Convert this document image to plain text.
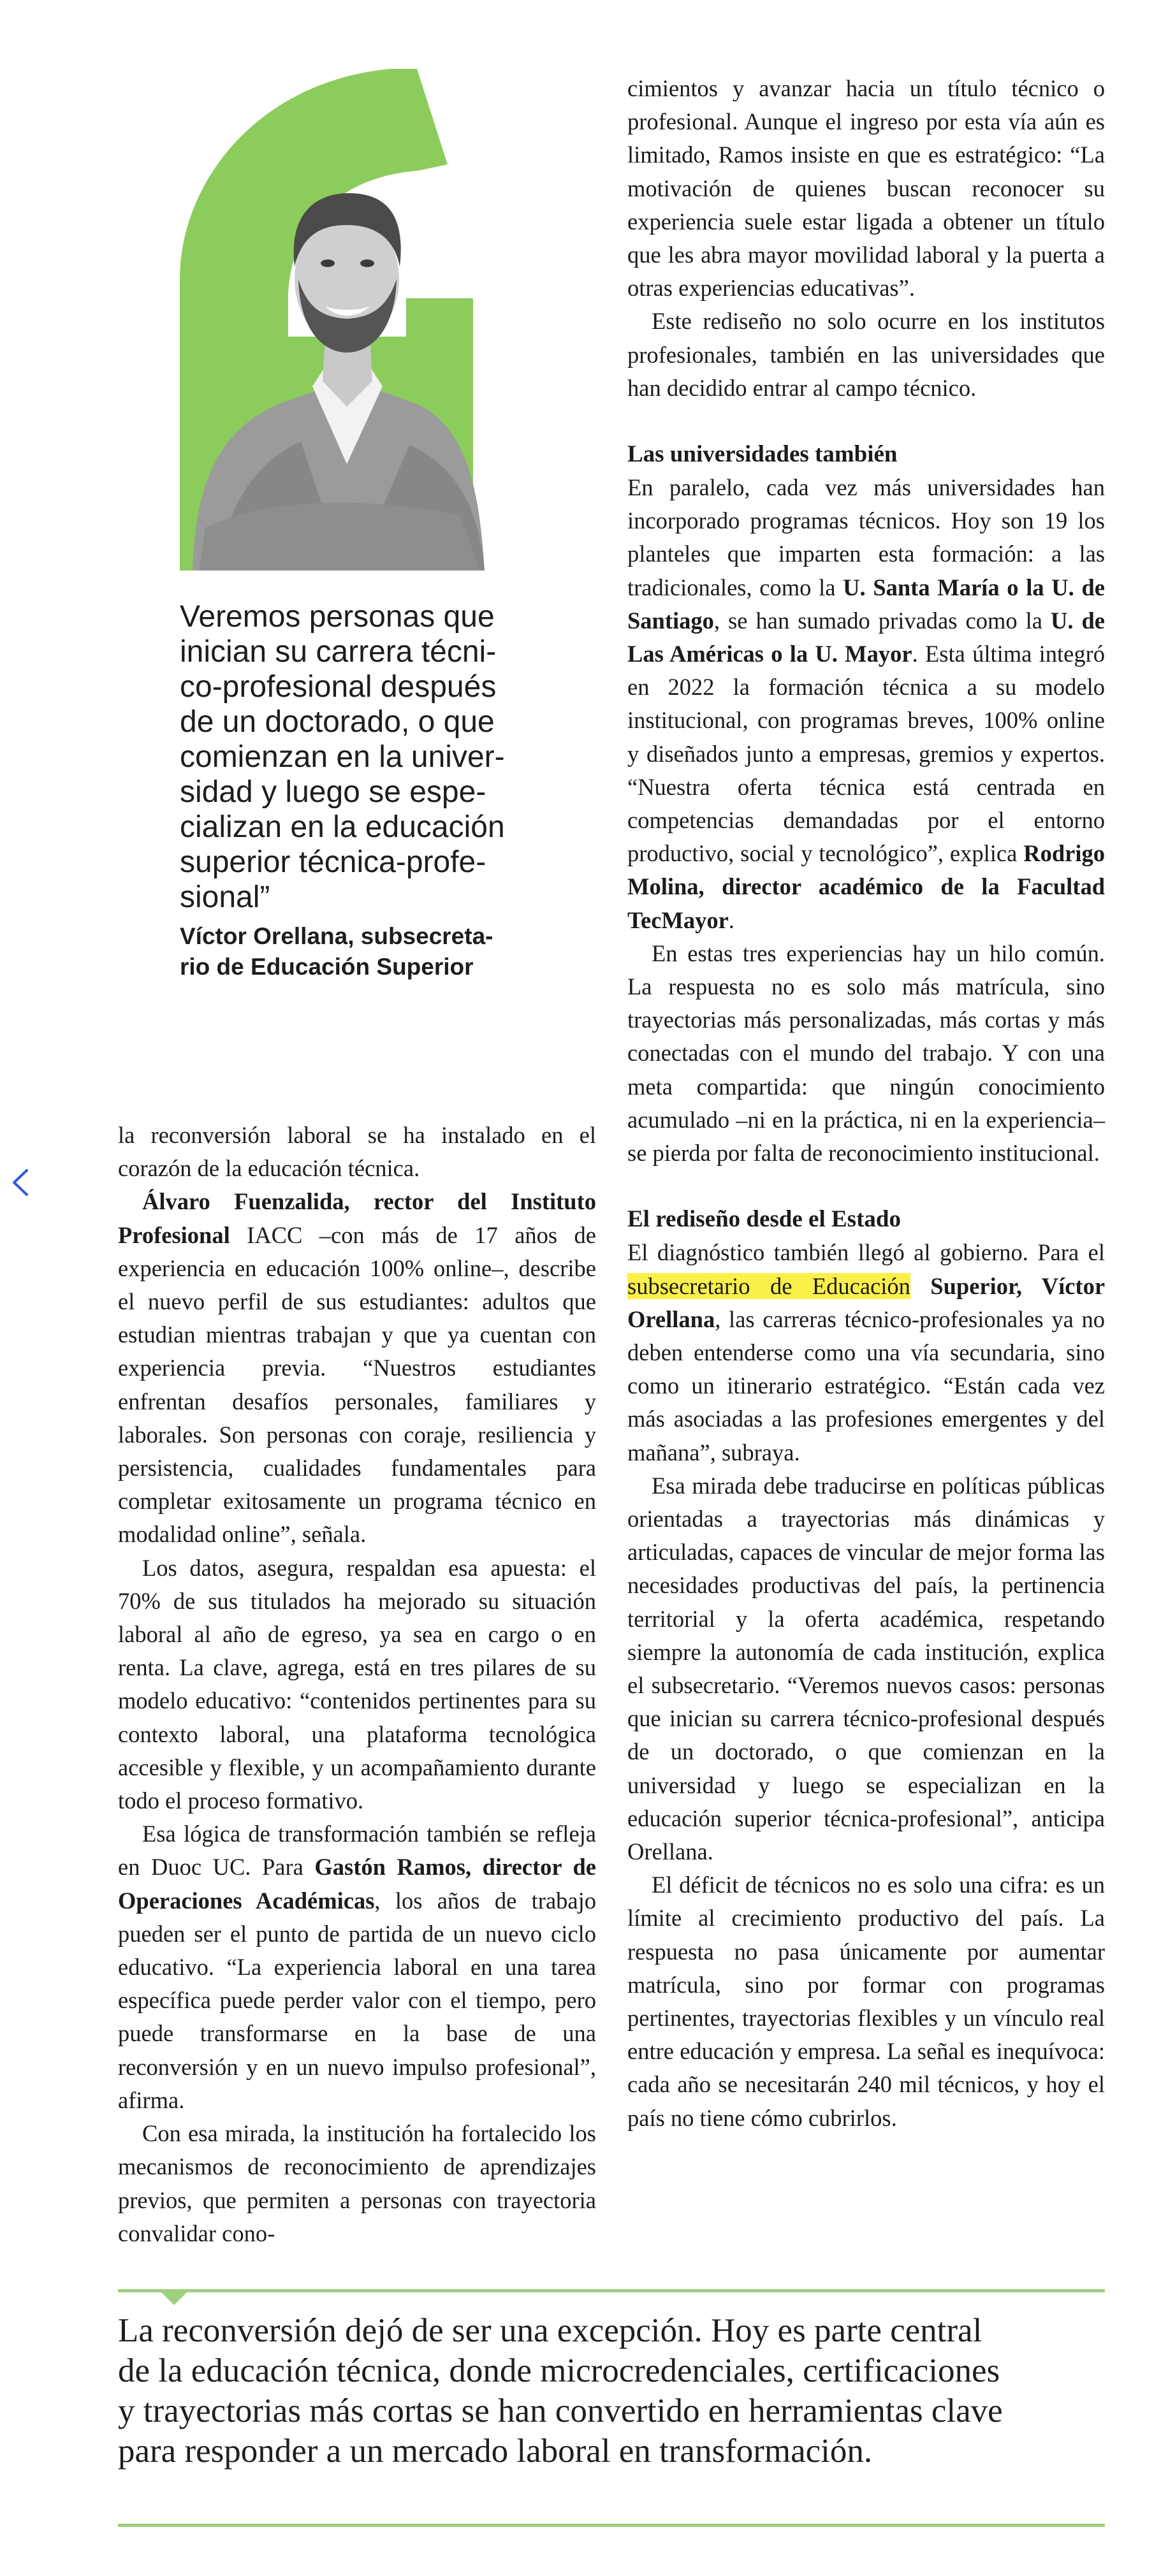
Veremos personas que
inician su carrera técni-
co-profesional después
de un doctorado, o que
comienzan en la univer-
sidad y luego se espe-
cializan en la educación
superior técnica-profe-
sional”

Víctor Orellana, subsecreta-
rio de Educación Superior

la reconversión laboral se ha instalado en el corazón de la educación técnica.

Álvaro Fuenzalida, rector del Instituto Profesional IACC –con más de 17 años de experiencia en educación 100% online–, describe el nuevo perfil de sus estudiantes: adultos que estudian mientras trabajan y que ya cuentan con experiencia previa. “Nuestros estudiantes enfrentan desafíos personales, familiares y laborales. Son personas con coraje, resiliencia y persistencia, cualidades fundamentales para completar exitosamente un programa técnico en modalidad online”, señala.

Los datos, asegura, respaldan esa apuesta: el 70% de sus titulados ha mejorado su situación laboral al año de egreso, ya sea en cargo o en renta. La clave, agrega, está en tres pilares de su modelo educativo: “contenidos pertinentes para su contexto laboral, una plataforma tecnológica accesible y flexible, y un acompañamiento durante todo el proceso formativo.

Esa lógica de transformación también se refleja en Duoc UC. Para Gastón Ramos, director de Operaciones Académicas, los años de trabajo pueden ser el punto de partida de un nuevo ciclo educativo. “La experiencia laboral en una tarea específica puede perder valor con el tiempo, pero puede transformarse en la base de una reconversión y en un nuevo impulso profesional”, afirma.

Con esa mirada, la institución ha fortalecido los mecanismos de reconocimiento de aprendizajes previos, que permiten a personas con trayectoria convalidar cono-

cimientos y avanzar hacia un título técnico o profesional. Aunque el ingreso por esta vía aún es limitado, Ramos insiste en que es estratégico: “La motivación de quienes buscan reconocer su experiencia suele estar ligada a obtener un título que les abra mayor movilidad laboral y la puerta a otras experiencias educativas”.

Este rediseño no solo ocurre en los institutos profesionales, también en las universidades que han decidido entrar al campo técnico.

Las universidades también

En paralelo, cada vez más universidades han incorporado programas técnicos. Hoy son 19 los planteles que imparten esta formación: a las tradicionales, como la U. Santa María o la U. de Santiago, se han sumado privadas como la U. de Las Américas o la U. Mayor. Esta última integró en 2022 la formación técnica a su modelo institucional, con programas breves, 100% online y diseñados junto a empresas, gremios y expertos. “Nuestra oferta técnica está centrada en competencias demandadas por el entorno productivo, social y tecnológico”, explica Rodrigo Molina, director académico de la Facultad TecMayor.

En estas tres experiencias hay un hilo común. La respuesta no es solo más matrícula, sino trayectorias más personalizadas, más cortas y más conectadas con el mundo del trabajo. Y con una meta compartida: que ningún conocimiento acumulado –ni en la práctica, ni en la experiencia– se pierda por falta de reconocimiento institucional.

El rediseño desde el Estado

El diagnóstico también llegó al gobierno. Para el subsecretario de Educación Superior, Víctor Orellana, las carreras técnico-profesionales ya no deben entenderse como una vía secundaria, sino como un itinerario estratégico. “Están cada vez más asociadas a las profesiones emergentes y del mañana”, subraya.

Esa mirada debe traducirse en políticas públicas orientadas a trayectorias más dinámicas y articuladas, capaces de vincular de mejor forma las necesidades productivas del país, la pertinencia territorial y la oferta académica, respetando siempre la autonomía de cada institución, explica el subsecretario. “Veremos nuevos casos: personas que inician su carrera técnico-profesional después de un doctorado, o que comienzan en la universidad y luego se especializan en la educación superior técnica-profesional”, anticipa Orellana.

El déficit de técnicos no es solo una cifra: es un límite al crecimiento productivo del país. La respuesta no pasa únicamente por aumentar matrícula, sino por formar con programas pertinentes, trayectorias flexibles y un vínculo real entre educación y empresa. La señal es inequívoca: cada año se necesitarán 240 mil técnicos, y hoy el país no tiene cómo cubrirlos.

La reconversión dejó de ser una excepción. Hoy es parte central
de la educación técnica, donde microcredenciales, certificaciones
y trayectorias más cortas se han convertido en herramientas clave
para responder a un mercado laboral en transformación.
